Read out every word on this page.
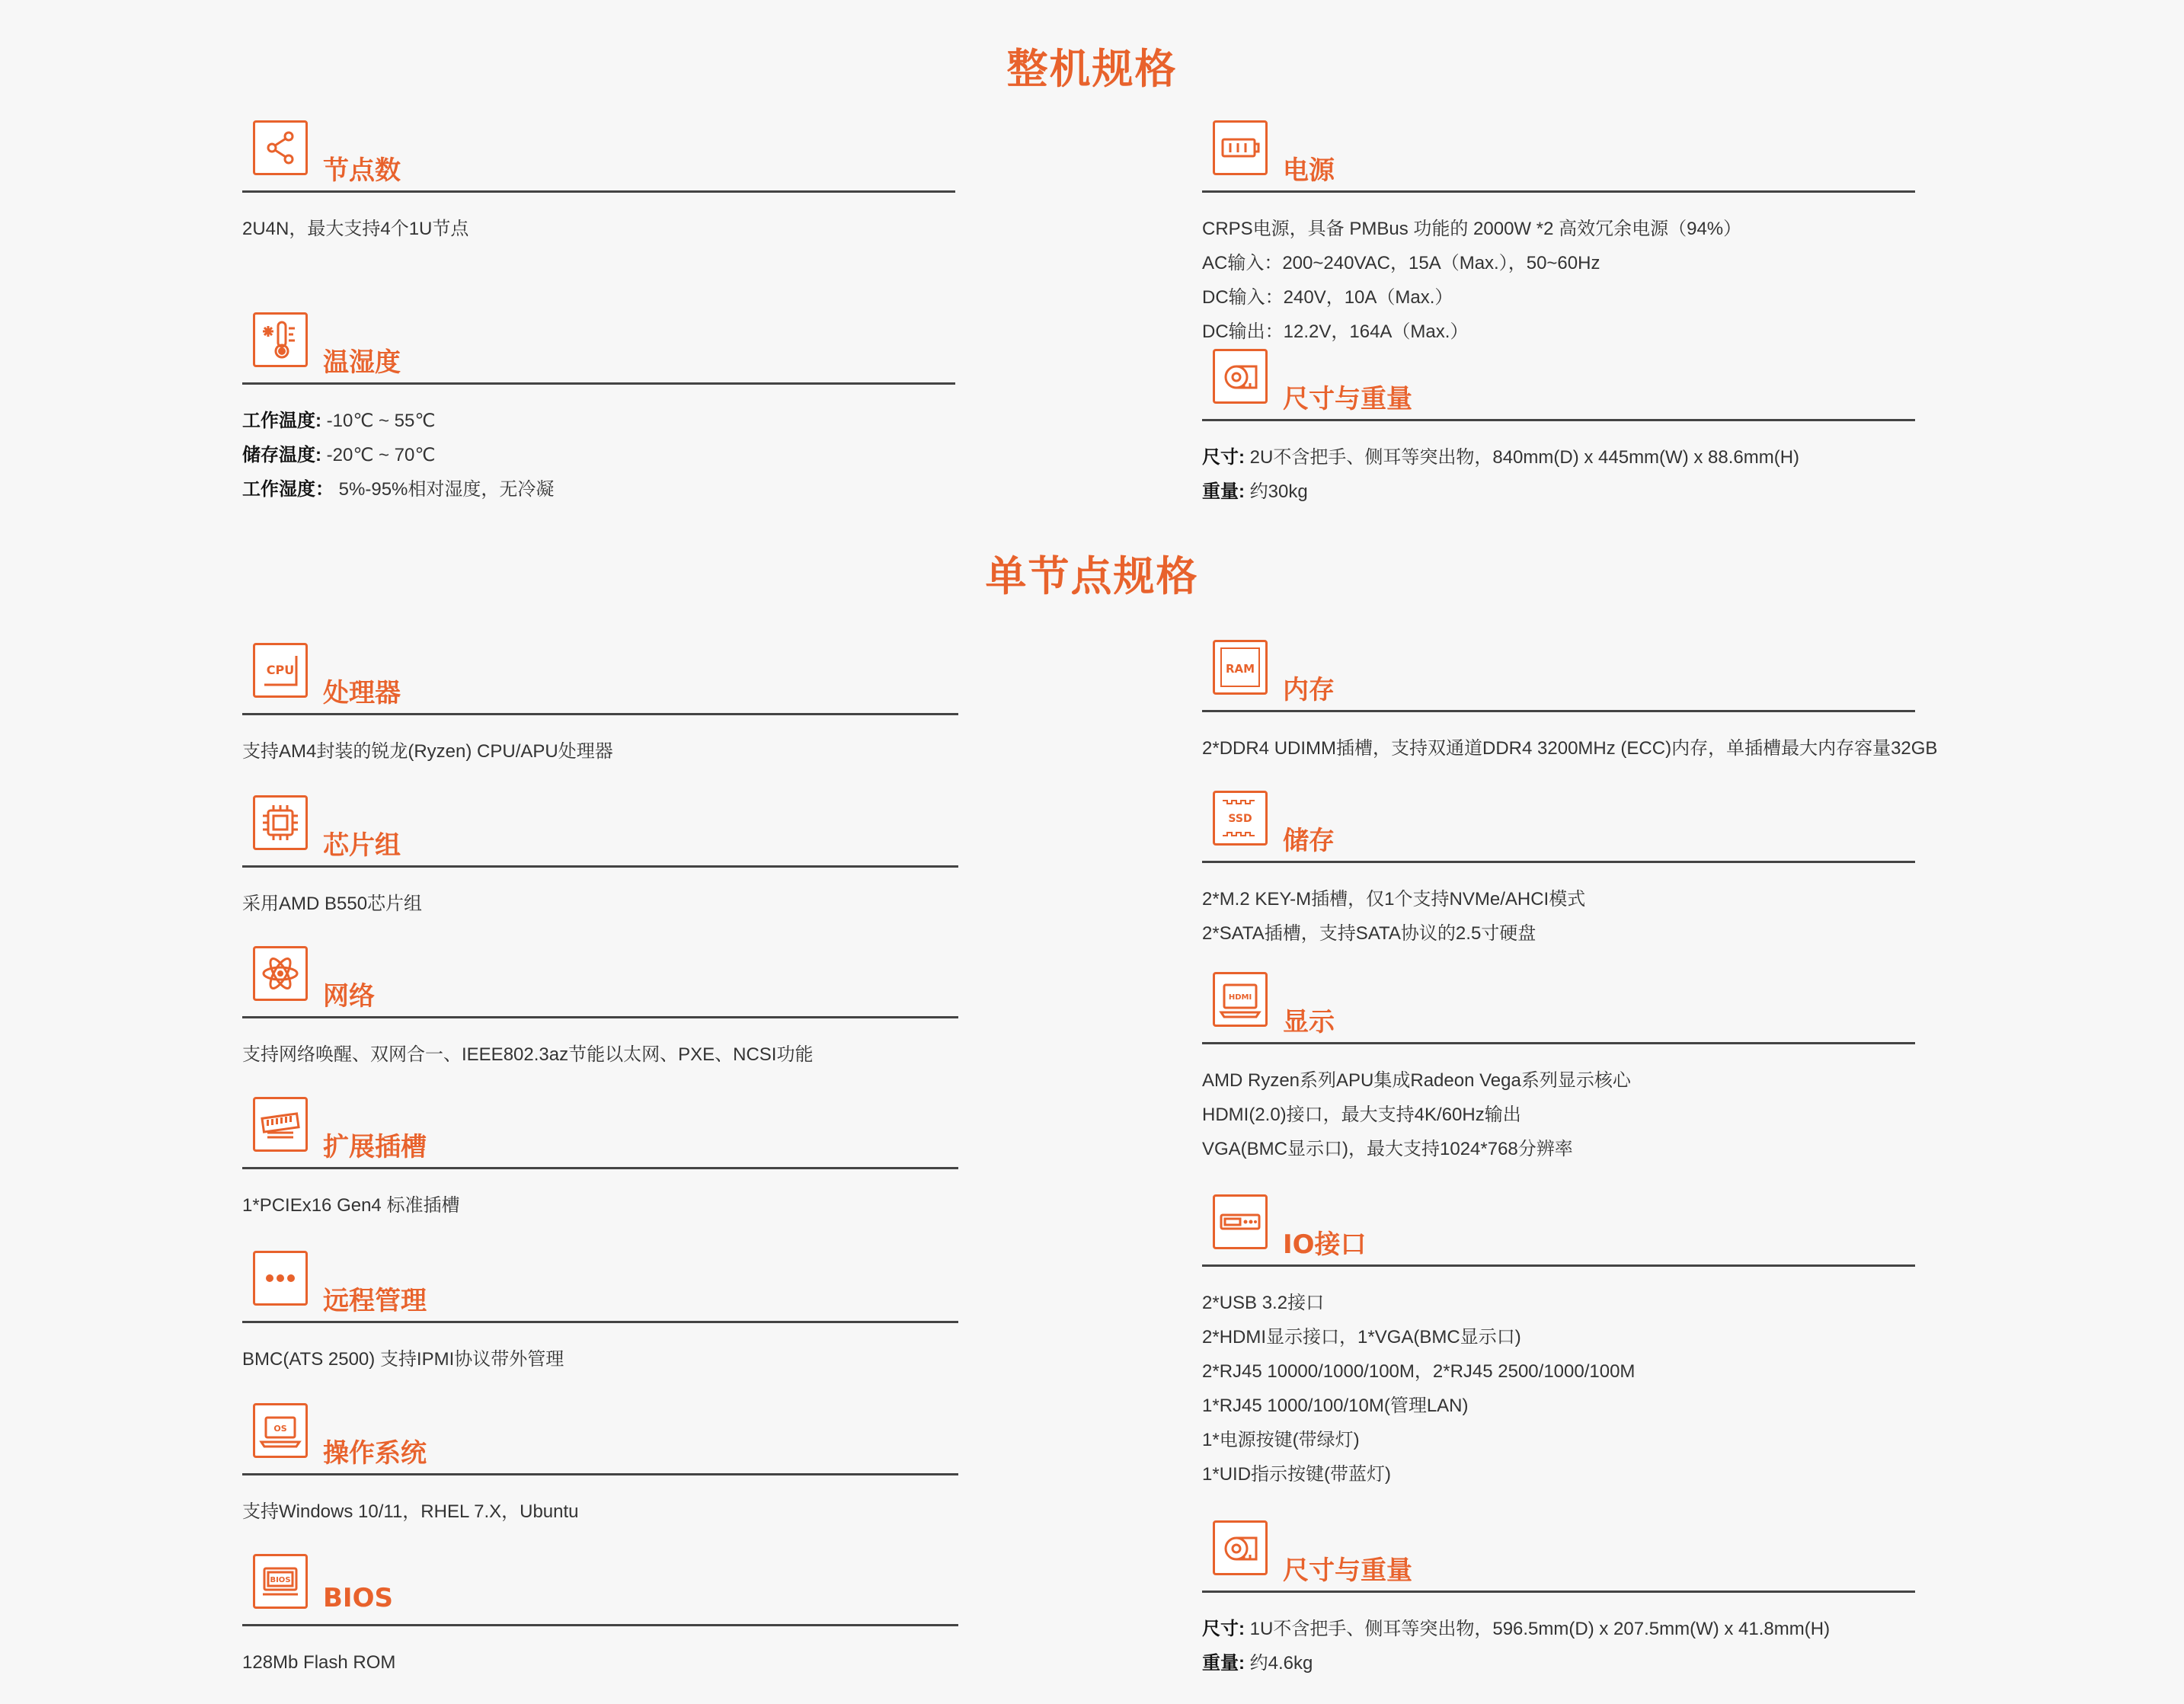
整机规格
单节点规格
节点数

2U4N，最大支持4个1U节点

电源

CRPS电源，具备 PMBus 功能的 2000W *2 高效冗余电源（94%）

AC输入：200~240VAC，15A（Max.），50~60Hz

DC输入：240V，10A（Max.）

DC输出：12.2V，164A（Max.）

温湿度

工作温度: -10℃ ~ 55℃

储存温度: -20℃ ~ 70℃

工作湿度： 5%-95%相对湿度，无冷凝

尺寸与重量

尺寸: 2U不含把手、侧耳等突出物，840mm(D) x 445mm(W) x 88.6mm(H)

重量: 约30kg

CPU
处理器

支持AM4封装的锐龙(Ryzen) CPU/APU处理器

芯片组

采用AMD B550芯片组

网络

支持网络唤醒、双网合一、IEEE802.3az节能以太网、PXE、NCSI功能

扩展插槽

1*PCIEx16 Gen4 标准插槽

远程管理

BMC(ATS 2500) 支持IPMI协议带外管理

OS
操作系统

支持Windows 10/11，RHEL 7.X，Ubuntu

BIOS
BIOS

128Mb Flash ROM

RAM
内存

2*DDR4 UDIMM插槽，支持双通道DDR4 3200MHz (ECC)内存，单插槽最大内存容量32GB

SSD
储存

2*M.2 KEY-M插槽，仅1个支持NVMe/AHCI模式

2*SATA插槽，支持SATA协议的2.5寸硬盘

HDMI
显示

AMD Ryzen系列APU集成Radeon Vega系列显示核心

HDMI(2.0)接口，最大支持4K/60Hz输出

VGA(BMC显示口)，最大支持1024*768分辨率

IO接口

2*USB 3.2接口

2*HDMI显示接口，1*VGA(BMC显示口)

2*RJ45 10000/1000/100M，2*RJ45 2500/1000/100M

1*RJ45 1000/100/10M(管理LAN)

1*电源按键(带绿灯)

1*UID指示按键(带蓝灯)

尺寸与重量

尺寸: 1U不含把手、侧耳等突出物，596.5mm(D) x 207.5mm(W) x 41.8mm(H)

重量: 约4.6kg
